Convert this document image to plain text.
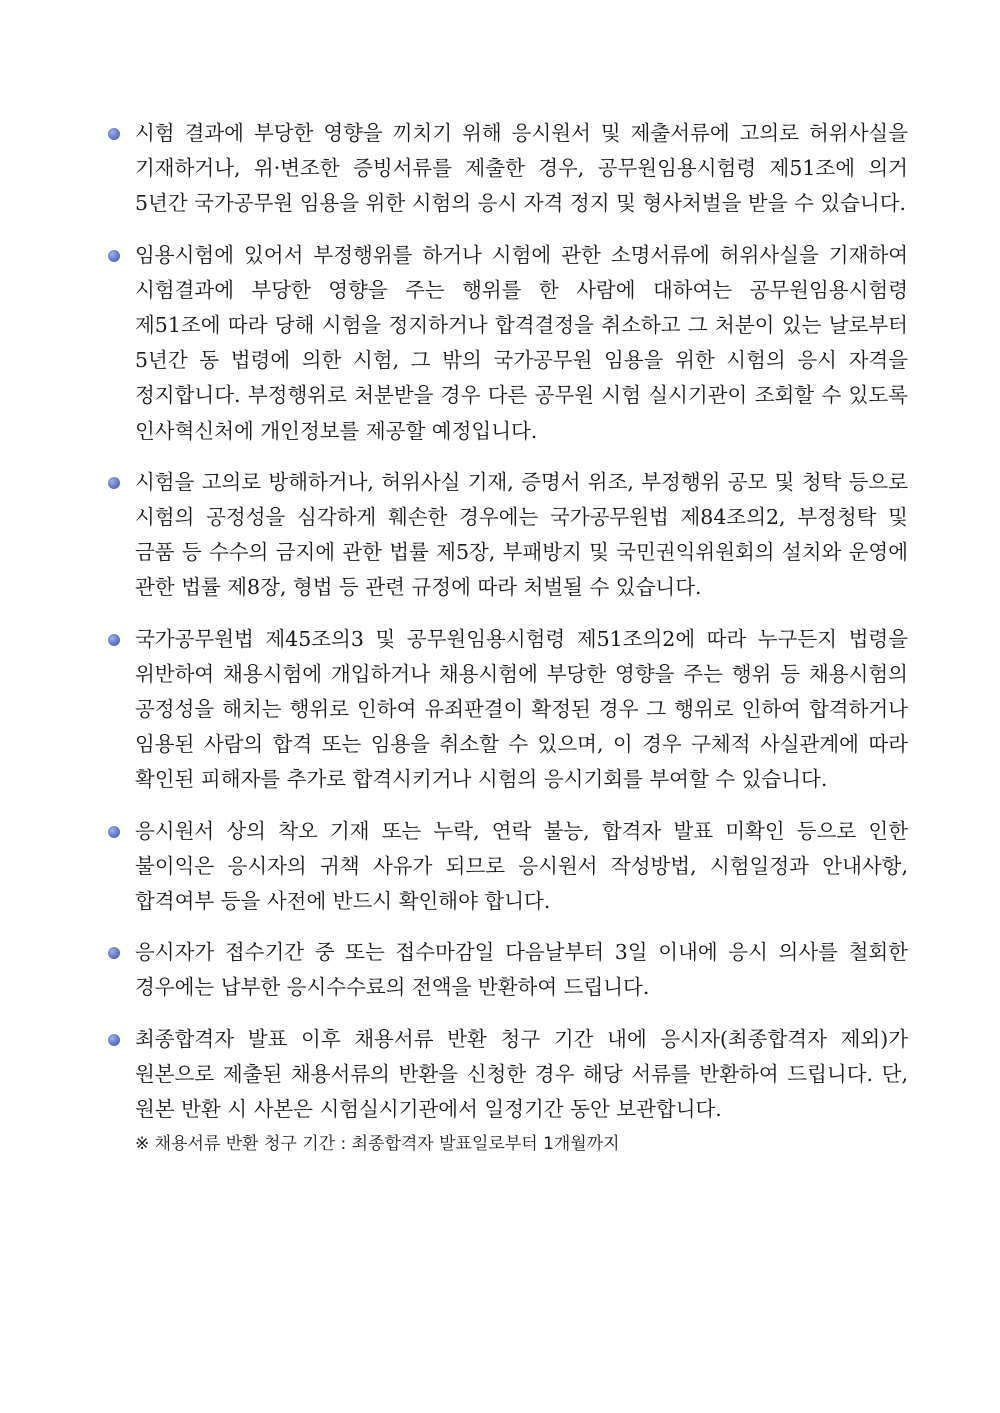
시험 결과에 부당한 영향을 끼치기 위해 응시원서 및 제출서류에 고의로 허위사실을 기재하거나, 위·변조한 증빙서류를 제출한 경우, 공무원임용시험령 제51조에 의거 5년간 국가공무원 임용을 위한 시험의 응시 자격 정지 및 형사처벌을 받을 수 있습니다.
임용시험에 있어서 부정행위를 하거나 시험에 관한 소명서류에 허위사실을 기재하여 시험결과에 부당한 영향을 주는 행위를 한 사람에 대하여는 공무원임용시험령 제51조에 따라 당해 시험을 정지하거나 합격결정을 취소하고 그 처분이 있는 날로부터 5년간 동 법령에 의한 시험, 그 밖의 국가공무원 임용을 위한 시험의 응시 자격을 정지합니다. 부정행위로 처분받을 경우 다른 공무원 시험 실시기관이 조회할 수 있도록 인사혁신처에 개인정보를 제공할 예정입니다.
시험을 고의로 방해하거나, 허위사실 기재, 증명서 위조, 부정행위 공모 및 청탁 등으로 시험의 공정성을 심각하게 훼손한 경우에는 국가공무원법 제84조의2, 부정청탁 및 금품 등 수수의 금지에 관한 법률 제5장, 부패방지 및 국민권익위원회의 설치와 운영에 관한 법률 제8장, 형법 등 관련 규정에 따라 처벌될 수 있습니다.
국가공무원법 제45조의3 및 공무원임용시험령 제51조의2에 따라 누구든지 법령을 위반하여 채용시험에 개입하거나 채용시험에 부당한 영향을 주는 행위 등 채용시험의 공정성을 해치는 행위로 인하여 유죄판결이 확정된 경우 그 행위로 인하여 합격하거나 임용된 사람의 합격 또는 임용을 취소할 수 있으며, 이 경우 구체적 사실관계에 따라 확인된 피해자를 추가로 합격시키거나 시험의 응시기회를 부여할 수 있습니다.
응시원서 상의 착오 기재 또는 누락, 연락 불능, 합격자 발표 미확인 등으로 인한 불이익은 응시자의 귀책 사유가 되므로 응시원서 작성방법, 시험일정과 안내사항, 합격여부 등을 사전에 반드시 확인해야 합니다.
응시자가 접수기간 중 또는 접수마감일 다음날부터 3일 이내에 응시 의사를 철회한 경우에는 납부한 응시수수료의 전액을 반환하여 드립니다.
최종합격자 발표 이후 채용서류 반환 청구 기간 내에 응시자(최종합격자 제외)가 원본으로 제출된 채용서류의 반환을 신청한 경우 해당 서류를 반환하여 드립니다. 단, 원본 반환 시 사본은 시험실시기관에서 일정기간 동안 보관합니다.
※ 채용서류 반환 청구 기간 : 최종합격자 발표일로부터 1개월까지
